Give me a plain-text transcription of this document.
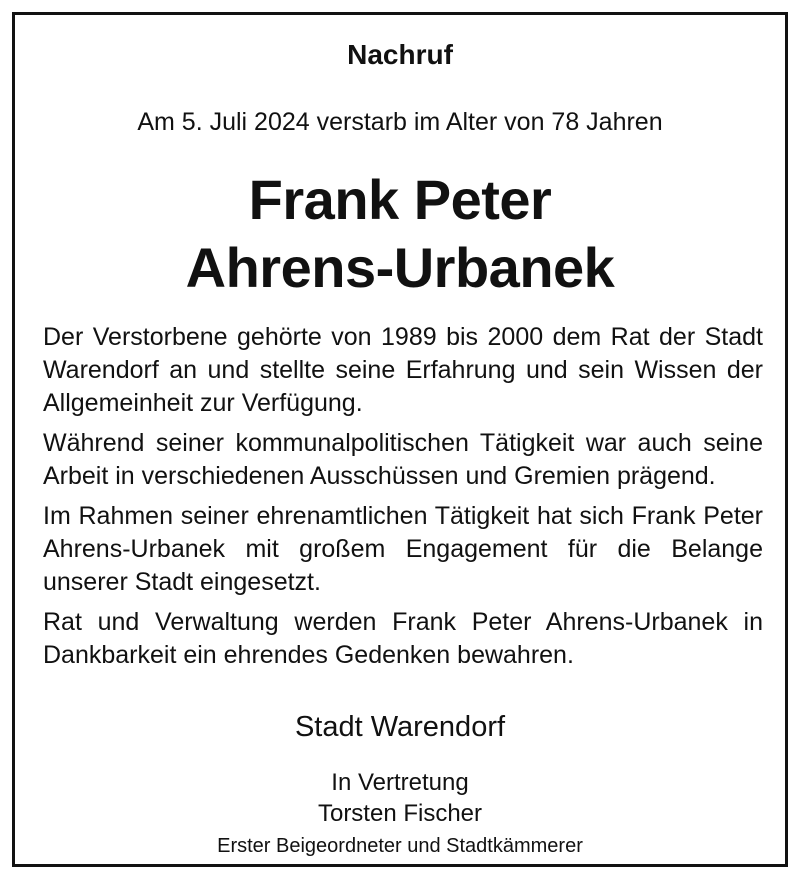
Nachruf
Am 5. Juli 2024 verstarb im Alter von 78 Jahren
Frank Peter
Ahrens-Urbanek

Der Verstorbene gehörte von 1989 bis 2000 dem Rat der Stadt Warendorf an und stellte seine Erfahrung und sein Wissen der Allgemeinheit zur Verfügung.

Während seiner kommunalpolitischen Tätigkeit war auch seine Arbeit in verschiedenen Ausschüssen und Gremien prägend.

Im Rahmen seiner ehrenamtlichen Tätigkeit hat sich Frank Peter Ahrens-Urbanek mit großem Engagement für die Belange unserer Stadt eingesetzt.

Rat und Verwaltung werden Frank Peter Ahrens-Urbanek in Dankbarkeit ein ehrendes Gedenken bewahren.

Stadt Warendorf
In Vertretung
Torsten Fischer
Erster Beigeordneter und Stadtkämmerer
